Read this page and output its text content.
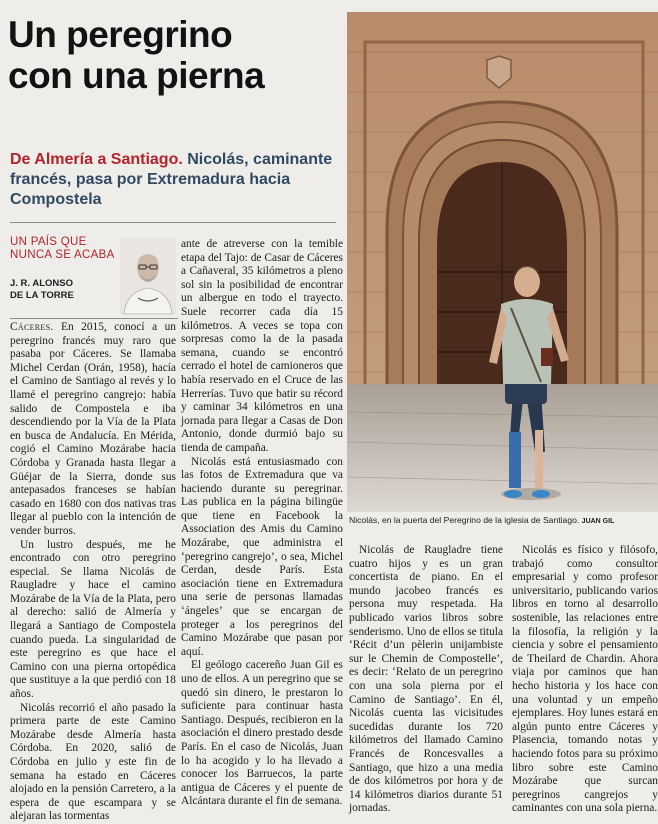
Un peregrino
con una pierna
De Almería a Santiago. Nicolás, caminante francés, pasa por Extremadura hacia Compostela
UN PAÍS QUE
NUNCA SE ACABA
J. R. ALONSO
DE LA TORRE

Cáceres. En 2015, conocí a un peregrino francés muy raro que pasaba por Cáceres. Se llamaba Michel Cerdan (Orán, 1958), hacía el Camino de Santiago al revés y lo llamé el peregrino cangrejo: había salido de Compostela e iba descendiendo por la Vía de la Plata en busca de Andalucía. En Mérida, cogió el Camino Mozárabe hacia Córdoba y Granada hasta llegar a Güéjar de la Sierra, donde sus antepasados franceses se habían casado en 1680 con dos nativas tras llegar al pueblo con la intención de vender burros.

Un lustro después, me he encontrado con otro peregrino especial. Se llama Nicolás de Raugladre y hace el camino Mozárabe de la Vía de la Plata, pero al derecho: salió de Almería y llegará a Santiago de Compostela cuando pueda. La singularidad de este peregrino es que hace el Camino con una pierna ortopédica que sustituye a la que perdió con 18 años.

Nicolás recorrió el año pasado la primera parte de este Camino Mozárabe desde Almería hasta Córdoba. En 2020, salió de Córdoba en julio y este fin de semana ha estado en Cáceres alojado en la pensión Carretero, a la espera de que escampara y se alejaran las tormentas

ante de atreverse con la temible etapa del Tajo: de Casar de Cáceres a Cañaveral, 35 kilómetros a pleno sol sin la posibilidad de encontrar un albergue en todo el trayecto. Suele recorrer cada día 15 kilómetros. A veces se topa con sorpresas como la de la pasada semana, cuando se encontró cerrado el hotel de camioneros que había reservado en el Cruce de las Herrerías. Tuvo que batir su récord y caminar 34 kilómetros en una jornada para llegar a Casas de Don Antonio, donde durmió bajo su tienda de campaña.

Nicolás está entusiasmado con las fotos de Extremadura que va haciendo durante su peregrinar. Las publica en la página bilingüe que tiene en Facebook la Association des Amis du Camino Mozárabe, que administra el ‘peregrino cangrejo’, o sea, Michel Cerdan, desde París. Esta asociación tiene en Extremadura una serie de personas llamadas ‘ángeles’ que se encargan de proteger a los peregrinos del Camino Mozárabe que pasan por aquí.

El geólogo cacereño Juan Gil es uno de ellos. A un peregrino que se quedó sin dinero, le prestaron lo suficiente para continuar hasta Santiago. Después, recibieron en la asociación el dinero prestado desde París. En el caso de Nicolás, Juan lo ha acogido y lo ha llevado a conocer los Barruecos, la parte antigua de Cáceres y el puente de Alcántara durante el fin de semana.

Nicolás, en la puerta del Peregrino de la iglesia de Santiago. JUAN GIL

Nicolás de Raugladre tiene cuatro hijos y es un gran concertista de piano. En el mundo jacobeo francés es persona muy respetada. Ha publicado varios libros sobre senderismo. Uno de ellos se titula ‘Récit d’un pèlerin unijambiste sur le Chemin de Compostelle’, es decir: ‘Relato de un peregrino con una sola pierna por el Camino de Santiago’. En él, Nicolás cuenta las vicisitudes sucedidas durante los 720 kilómetros del llamado Camino Francés de Roncesvalles a Santiago, que hizo a una media de dos kilómetros por hora y de 14 kilómetros diarios durante 51 jornadas.

Nicolás es físico y filósofo, trabajó como consultor empresarial y como profesor universitario, publicando varios libros en torno al desarrollo sostenible, las relaciones entre la filosofía, la religión y la ciencia y sobre el pensamiento de Theilard de Chardin. Ahora viaja por caminos que han hecho historia y los hace con una voluntad y un empeño ejemplares. Hoy lunes estará en algún punto entre Cáceres y Plasencia, tomando notas y haciendo fotos para su próximo libro sobre este Camino Mozárabe que surcan peregrinos cangrejos y caminantes con una sola pierna.
